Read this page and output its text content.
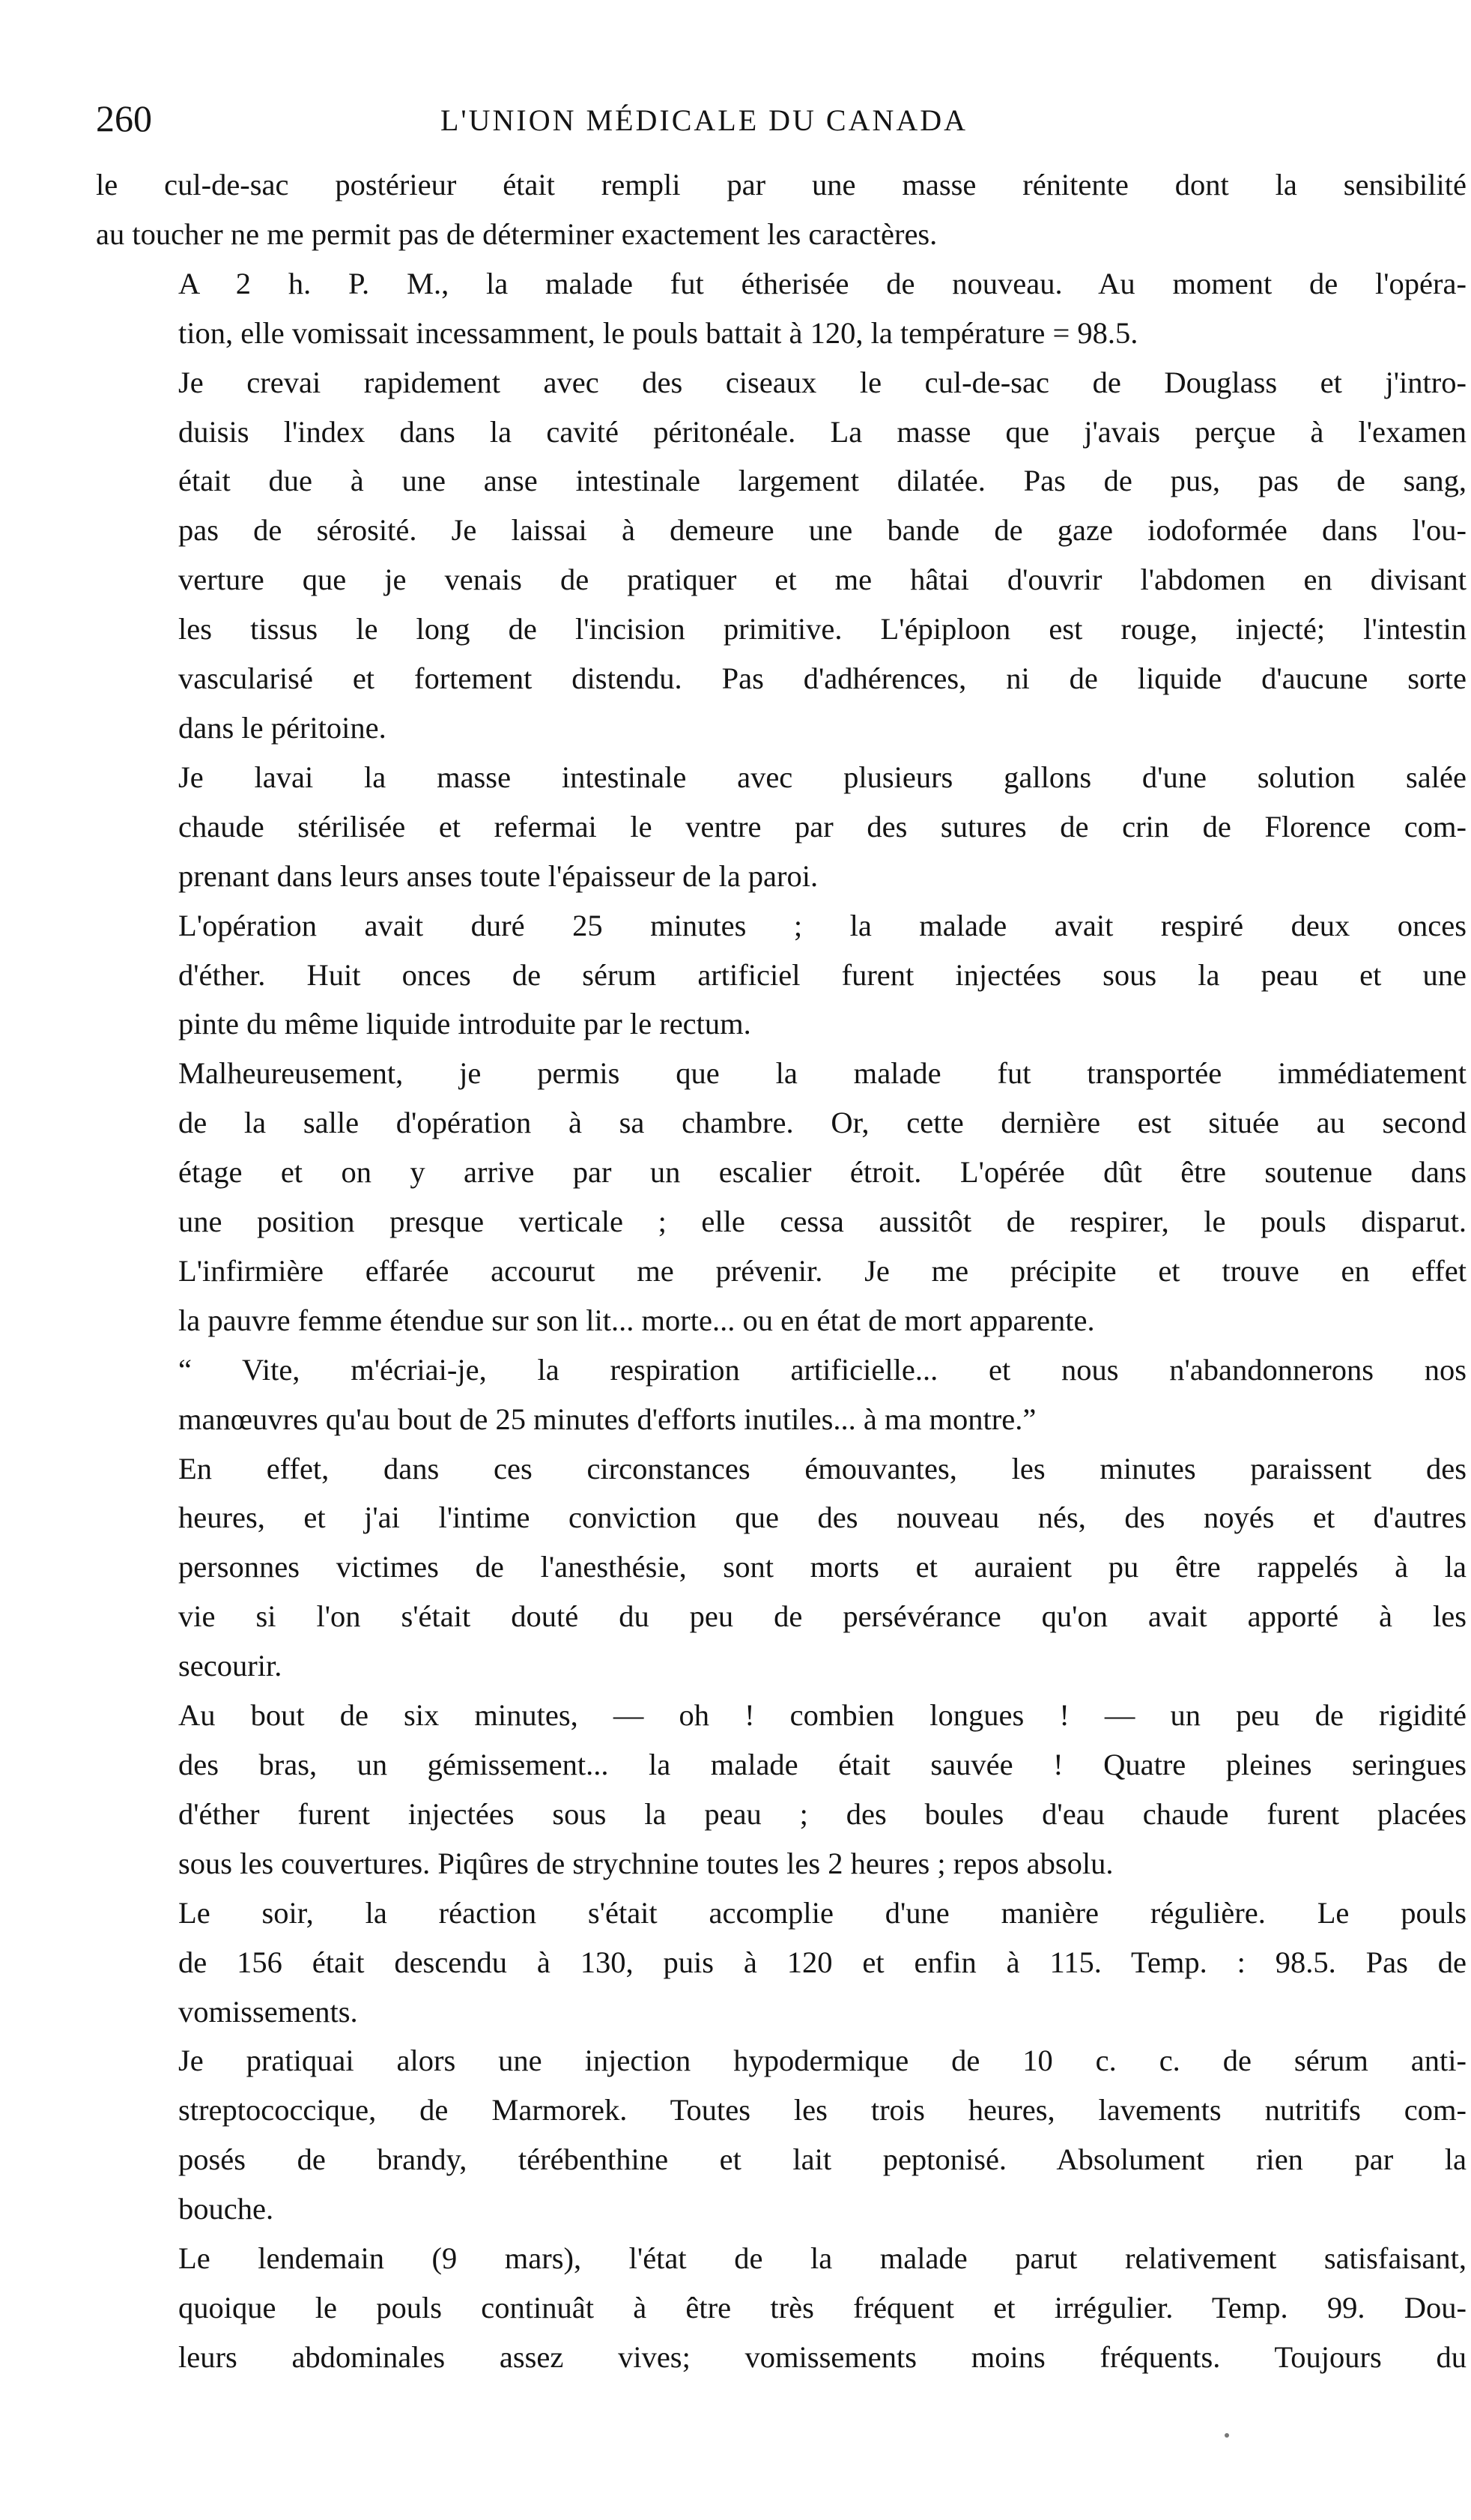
260	L'UNION MÉDICALE DU CANADA

le cul-de-sac postérieur était rempli par une masse rénitente dont la sensibilité
au toucher ne me permit pas de déterminer exactement les caractères.

A 2 h. P. M., la malade fut étherisée de nouveau. Au moment de l'opéra-
tion, elle vomissait incessamment, le pouls battait à 120, la température = 98.5.

Je crevai rapidement avec des ciseaux le cul-de-sac de Douglass et j'intro-
duisis l'index dans la cavité péritonéale. La masse que j'avais perçue à l'examen
était due à une anse intestinale largement dilatée. Pas de pus, pas de sang,
pas de sérosité. Je laissai à demeure une bande de gaze iodoformée dans l'ou-
verture que je venais de pratiquer et me hâtai d'ouvrir l'abdomen en divisant
les tissus le long de l'incision primitive. L'épiploon est rouge, injecté; l'intestin
vascularisé et fortement distendu. Pas d'adhérences, ni de liquide d'aucune sorte
dans le péritoine.

Je lavai la masse intestinale avec plusieurs gallons d'une solution salée
chaude stérilisée et refermai le ventre par des sutures de crin de Florence com-
prenant dans leurs anses toute l'épaisseur de la paroi.

L'opération avait duré 25 minutes ; la malade avait respiré deux onces
d'éther. Huit onces de sérum artificiel furent injectées sous la peau et une
pinte du même liquide introduite par le rectum.

Malheureusement, je permis que la malade fut transportée immédiatement
de la salle d'opération à sa chambre. Or, cette dernière est située au second
étage et on y arrive par un escalier étroit. L'opérée dût être soutenue dans
une position presque verticale ; elle cessa aussitôt de respirer, le pouls disparut.
L'infirmière effarée accourut me prévenir. Je me précipite et trouve en effet
la pauvre femme étendue sur son lit... morte... ou en état de mort apparente.

“ Vite, m'écriai-je, la respiration artificielle... et nous n'abandonnerons nos
manœuvres qu'au bout de 25 minutes d'efforts inutiles... à ma montre.”

En effet, dans ces circonstances émouvantes, les minutes paraissent des
heures, et j'ai l'intime conviction que des nouveau nés, des noyés et d'autres
personnes victimes de l'anesthésie, sont morts et auraient pu être rappelés à la
vie si l'on s'était douté du peu de persévérance qu'on avait apporté à les
secourir.

Au bout de six minutes, — oh ! combien longues ! — un peu de rigidité
des bras, un gémissement... la malade était sauvée ! Quatre pleines seringues
d'éther furent injectées sous la peau ; des boules d'eau chaude furent placées
sous les couvertures. Piqûres de strychnine toutes les 2 heures ; repos absolu.

Le soir, la réaction s'était accomplie d'une manière régulière. Le pouls
de 156 était descendu à 130, puis à 120 et enfin à 115. Temp. : 98.5. Pas de
vomissements.

Je pratiquai alors une injection hypodermique de 10 c. c. de sérum anti-
streptococcique, de Marmorek. Toutes les trois heures, lavements nutritifs com-
posés de brandy, térébenthine et lait peptonisé. Absolument rien par la
bouche.

Le lendemain (9 mars), l'état de la malade parut relativement satisfaisant,
quoique le pouls continuât à être très fréquent et irrégulier. Temp. 99. Dou-
leurs abdominales assez vives; vomissements moins fréquents. Toujours du
